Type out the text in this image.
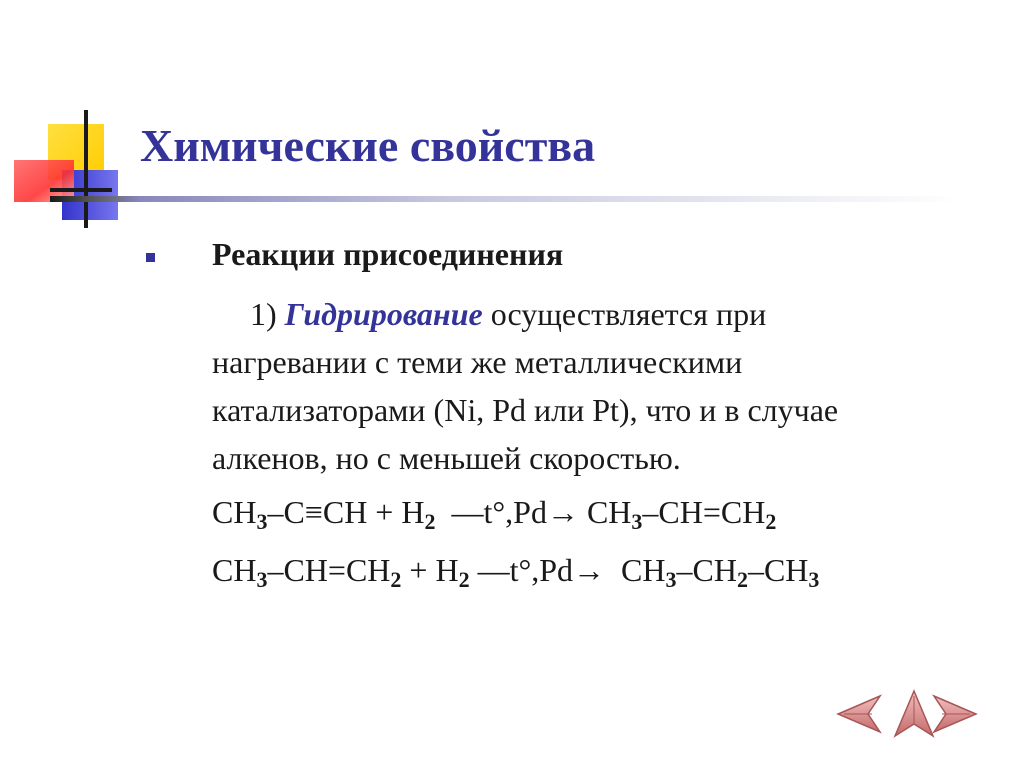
Химические свойства
Реакции присоединения
1) Гидрирование осуществляется при
нагревании с теми же металлическими
катализаторами (Ni, Pd или Pt), что и в случае
алкенов, но с меньшей скоростью.
CH3–C≡CH + H2 —t°,Pd→ CH3–CH=CH2
CH3–CH=CH2 + H2 —t°,Pd→ CH3–CH2–CH3
